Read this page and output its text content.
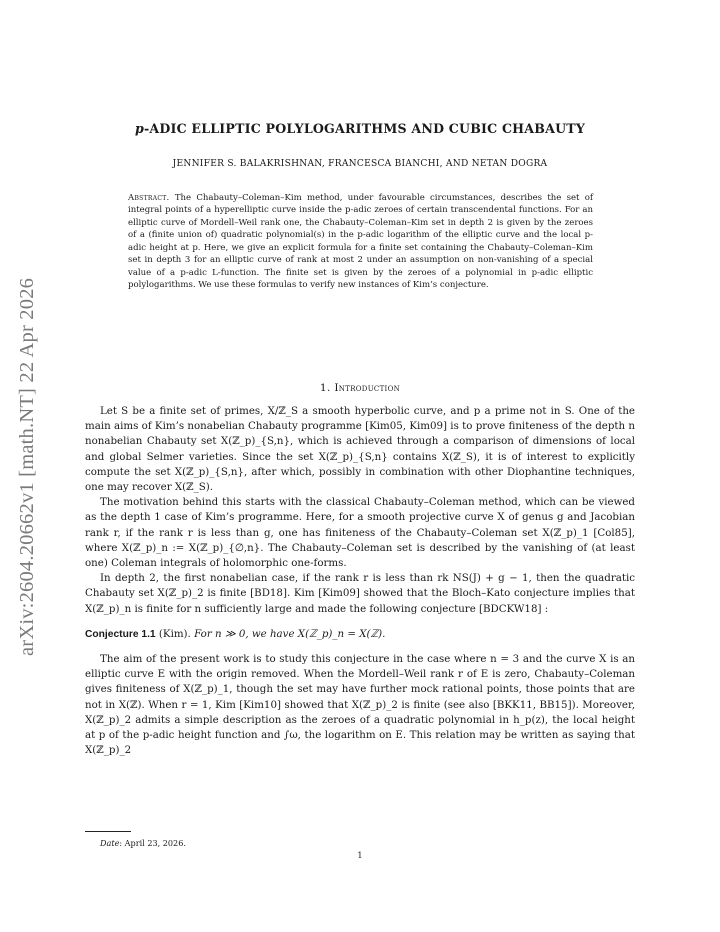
arXiv:2604.20662v1 [math.NT] 22 Apr 2026
p-ADIC ELLIPTIC POLYLOGARITHMS AND CUBIC CHABAUTY
JENNIFER S. BALAKRISHNAN, FRANCESCA BIANCHI, AND NETAN DOGRA
Abstract. The Chabauty–Coleman–Kim method, under favourable circumstances, describes the set of integral points of a hyperelliptic curve inside the p-adic zeroes of certain transcendental functions. For an elliptic curve of Mordell–Weil rank one, the Chabauty–Coleman–Kim set in depth 2 is given by the zeroes of a (finite union of) quadratic polynomial(s) in the p-adic logarithm of the elliptic curve and the local p-adic height at p. Here, we give an explicit formula for a finite set containing the Chabauty–Coleman–Kim set in depth 3 for an elliptic curve of rank at most 2 under an assumption on non-vanishing of a special value of a p-adic L-function. The finite set is given by the zeroes of a polynomial in p-adic elliptic polylogarithms. We use these formulas to verify new instances of Kim’s conjecture.
1. Introduction

Let S be a finite set of primes, X/ℤ_S a smooth hyperbolic curve, and p a prime not in S. One of the main aims of Kim’s nonabelian Chabauty programme [Kim05, Kim09] is to prove finiteness of the depth n nonabelian Chabauty set X(ℤ_p)_{S,n}, which is achieved through a comparison of dimensions of local and global Selmer varieties. Since the set X(ℤ_p)_{S,n} contains X(ℤ_S), it is of interest to explicitly compute the set X(ℤ_p)_{S,n}, after which, possibly in combination with other Diophantine techniques, one may recover X(ℤ_S).

The motivation behind this starts with the classical Chabauty–Coleman method, which can be viewed as the depth 1 case of Kim’s programme. Here, for a smooth projective curve X of genus g and Jacobian rank r, if the rank r is less than g, one has finiteness of the Chabauty–Coleman set X(ℤ_p)_1 [Col85], where X(ℤ_p)_n := X(ℤ_p)_{∅,n}. The Chabauty–Coleman set is described by the vanishing of (at least one) Coleman integrals of holomorphic one-forms.

In depth 2, the first nonabelian case, if the rank r is less than rk NS(J) + g − 1, then the quadratic Chabauty set X(ℤ_p)_2 is finite [BD18]. Kim [Kim09] showed that the Bloch–Kato conjecture implies that X(ℤ_p)_n is finite for n sufficiently large and made the following conjecture [BDCKW18] :

Conjecture 1.1 (Kim). For n ≫ 0, we have X(ℤ_p)_n = X(ℤ).

The aim of the present work is to study this conjecture in the case where n = 3 and the curve X is an elliptic curve E with the origin removed. When the Mordell–Weil rank r of E is zero, Chabauty–Coleman gives finiteness of X(ℤ_p)_1, though the set may have further mock rational points, those points that are not in X(ℤ). When r = 1, Kim [Kim10] showed that X(ℤ_p)_2 is finite (see also [BKK11, BB15]). Moreover, X(ℤ_p)_2 admits a simple description as the zeroes of a quadratic polynomial in h_p(z), the local height at p of the p-adic height function and ∫ω, the logarithm on E. This relation may be written as saying that X(ℤ_p)_2

Date: April 23, 2026.
1
